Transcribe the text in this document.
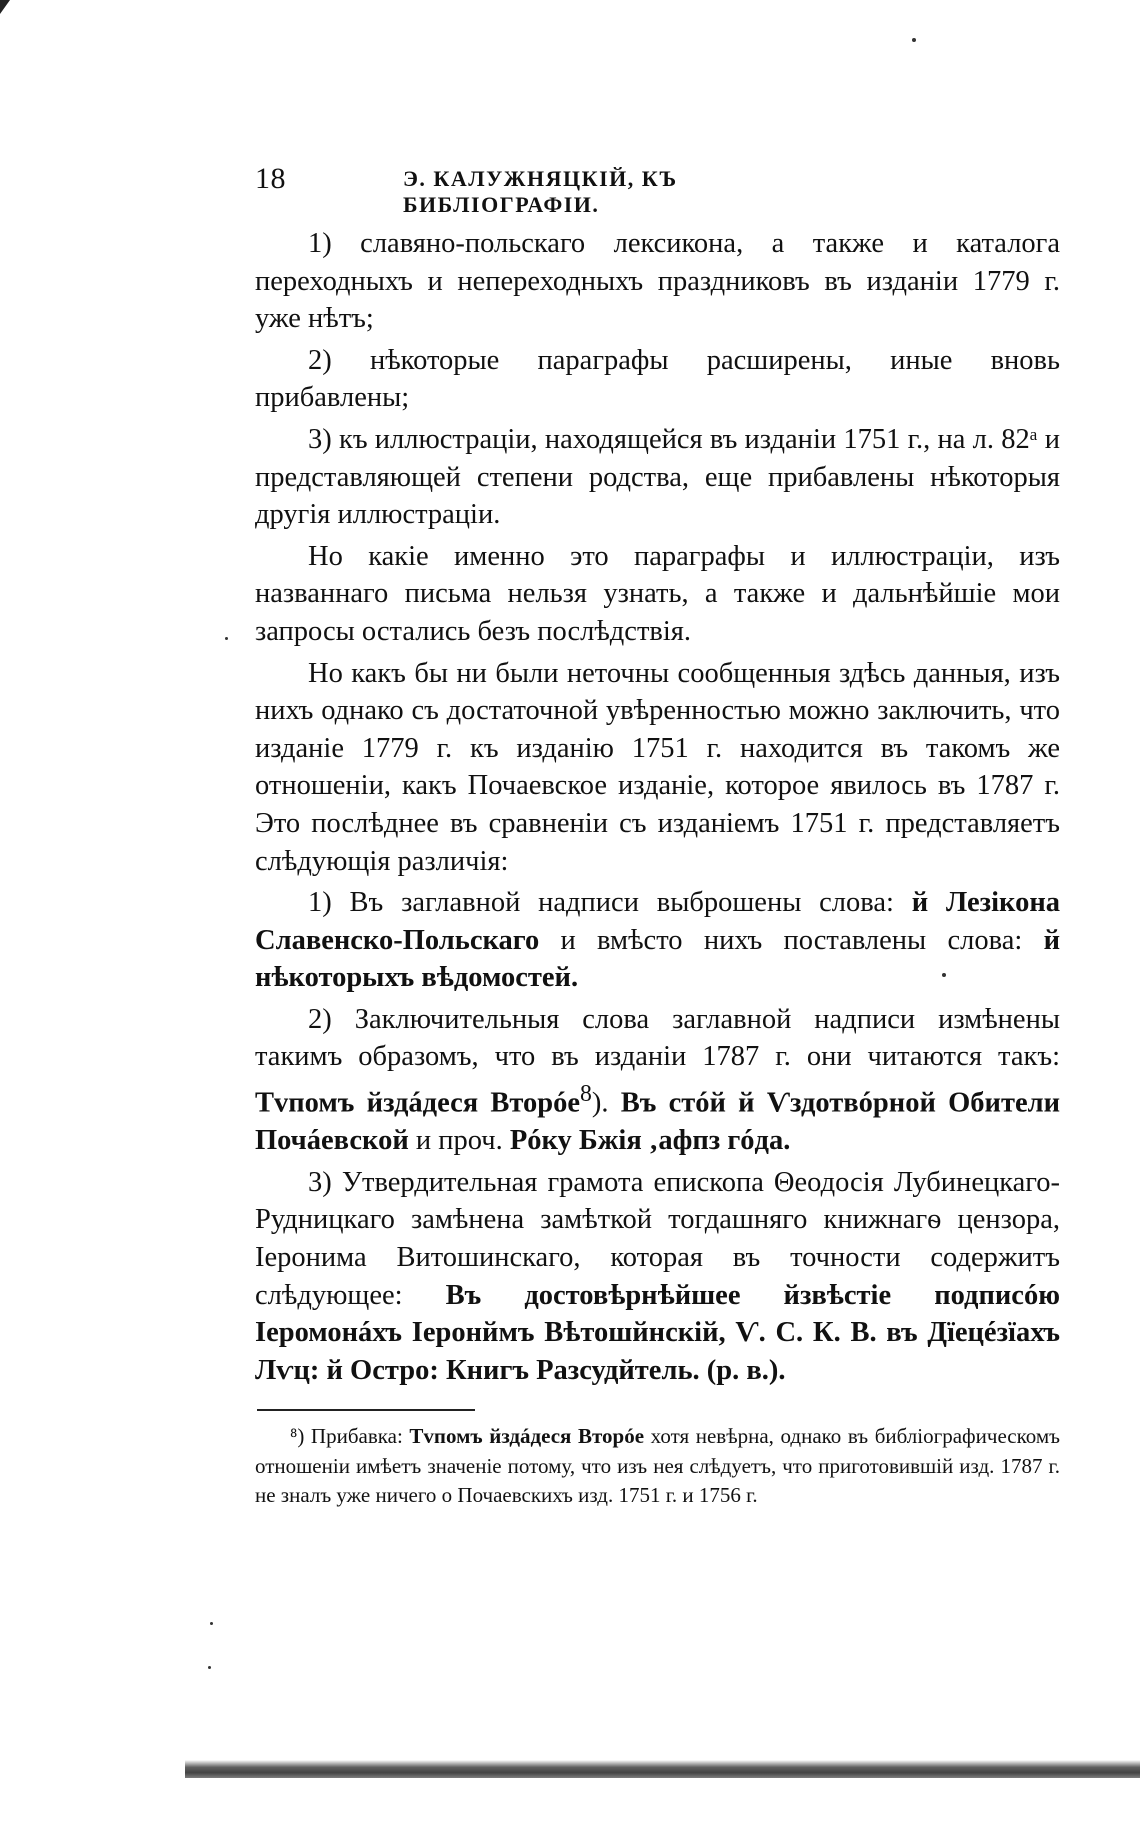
18	Э. КАЛУЖНЯЦКІЙ, КЪ БИБЛІОГРАФІИ.

1) славяно-польскаго лексикона, а также и каталога переходныхъ и непереходныхъ праздниковъ въ изданіи 1779 г. уже нѣтъ;

2) нѣкоторые параграфы расширены, иные вновь прибавлены;

3) къ иллюстраціи, находящейся въ изданіи 1751 г., на л. 82ᵃ и представляющей степени родства, еще прибавлены нѣкоторыя другія иллюстраціи.

Но какіе именно это параграфы и иллюстраціи, изъ названнаго письма нельзя узнать, а также и дальнѣйшіе мои запросы остались безъ послѣдствія.

Но какъ бы ни были неточны сообщенныя здѣсь данныя, изъ нихъ однако съ достаточной увѣренностью можно заключить, что изданіе 1779 г. къ изданію 1751 г. находится въ такомъ же отношеніи, какъ Почаевское изданіе, которое явилось въ 1787 г. Это послѣднее въ сравненіи съ изданіемъ 1751 г. представляетъ слѣдующія различія:

1) Въ заглавной надписи выброшены слова: й Лезікона Славенско-Польскаго и вмѣсто нихъ поставлены слова: й нѣкоторыхъ вѣдомостей.

2) Заключительныя слова заглавной надписи измѣнены такимъ образомъ, что въ изданіи 1787 г. они читаются такъ: Тvпомъ йздáдеся Вторóе$^8$). Въ стóй й Ѵздотвóрной Обители Почáевской и проч. Рóку Бжія ‚афпз гóда.

3) Утвердительная грамота епископа Θеодосія Лубинецкаго-Рудницкаго замѣнена замѣткой тогдашняго книжнагѳ цензора, Іеронима Витошинскаго, которая въ точности содержитъ слѣдующее: Въ достовѣрнѣйшее йзвѣстіе подписóю Іеромонáхъ Іеронймъ Вѣтошйнскій, Ѵ. С. К. В. въ Дїецéзїахъ Лѵц: й Остро: Книгъ Разсудйтель. (р. в.).

⁸) Прибавка: Тvпомъ йздáдеся Вторóе хотя невѣрна, однако въ библіографическомъ отношеніи имѣетъ значеніе потому, что изъ нея слѣдуетъ, что приготовившій изд. 1787 г. не зналъ уже ничего о Почаевскихъ изд. 1751 г. и 1756 г.
